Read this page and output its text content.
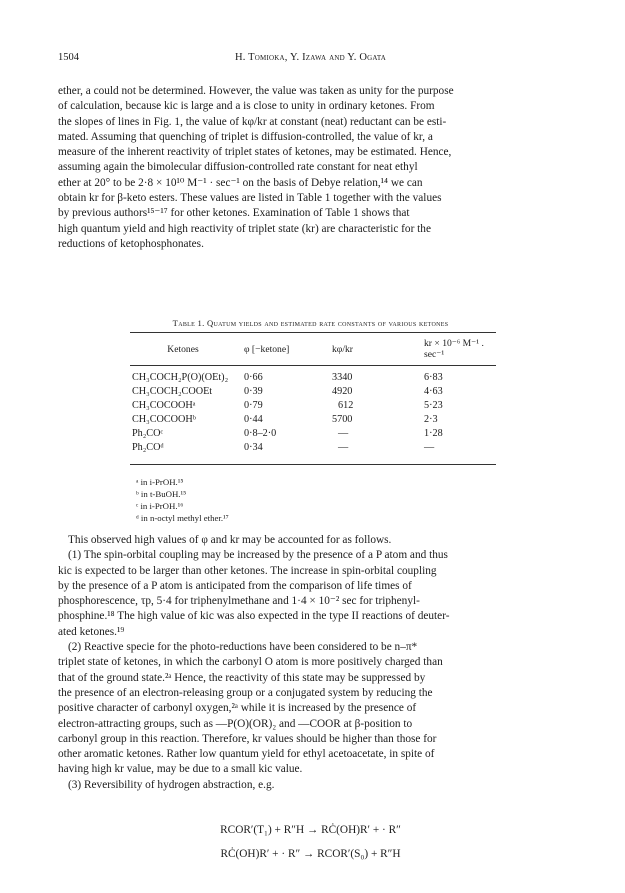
1504	H. Tomioka, Y. Izawa and Y. Ogata
ether, a could not be determined. However, the value was taken as unity for the purpose
of calculation, because kic is large and a is close to unity in ordinary ketones. From
the slopes of lines in Fig. 1, the value of kφ/kr at constant (neat) reductant can be esti-
mated. Assuming that quenching of triplet is diffusion-controlled, the value of kr, a
measure of the inherent reactivity of triplet states of ketones, may be estimated. Hence,
assuming again the bimolecular diffusion-controlled rate constant for neat ethyl
ether at 20° to be 2·8 × 10¹⁰ M⁻¹ · sec⁻¹ on the basis of Debye relation,¹⁴ we can
obtain kr for β-keto esters. These values are listed in Table 1 together with the values
by previous authors¹⁵⁻¹⁷ for other ketones. Examination of Table 1 shows that
high quantum yield and high reactivity of triplet state (kr) are characteristic for the
reductions of ketophosphonates.
Table 1. Quatum yields and estimated rate constants of various ketones
Ketones	φ [−ketone]	kφ/kr	kr × 10⁻⁶ M⁻¹ . sec⁻¹
CH₃COCH₂P(O)(OEt)₂	0·66	3340	6·83
CH₃COCH₂COOEt	0·39	4920	4·63
CH₃COCOOHᵃ	0·79	612	5·23
CH₃COCOOHᵇ	0·44	5700	2·3
Ph₂COᶜ	0·8–2·0	—	1·28
Ph₂COᵈ	0·34	—	—
ᵃ in i-PrOH.¹⁵
ᵇ in t-BuOH.¹⁵
ᶜ in i-PrOH.¹⁶
ᵈ in n-octyl methyl ether.¹⁷
This observed high values of φ and kr may be accounted for as follows.
(1) The spin-orbital coupling may be increased by the presence of a P atom and thus
kic is expected to be larger than other ketones. The increase in spin-orbital coupling
by the presence of a P atom is anticipated from the comparison of life times of
phosphorescence, τp, 5·4 for triphenylmethane and 1·4 × 10⁻² sec for triphenyl-
phosphine.¹⁸ The high value of kic was also expected in the type II reactions of deuter-
ated ketones.¹⁹
(2) Reactive specie for the photo-reductions have been considered to be n–π*
triplet state of ketones, in which the carbonyl O atom is more positively charged than
that of the ground state.²ᵃ Hence, the reactivity of this state may be suppressed by
the presence of an electron-releasing group or a conjugated system by reducing the
positive character of carbonyl oxygen,²ᵃ while it is increased by the presence of
electron-attracting groups, such as —P(O)(OR)₂ and —COOR at β-position to
carbonyl group in this reaction. Therefore, kr values should be higher than those for
other aromatic ketones. Rather low quantum yield for ethyl acetoacetate, in spite of
having high kr value, may be due to a small kic value.
(3) Reversibility of hydrogen abstraction, e.g.
RCOR′(T₁) + R″H → RĊ(OH)R′ + · R″
RĊ(OH)R′ + · R″ → RCOR′(S₀) + R″H
